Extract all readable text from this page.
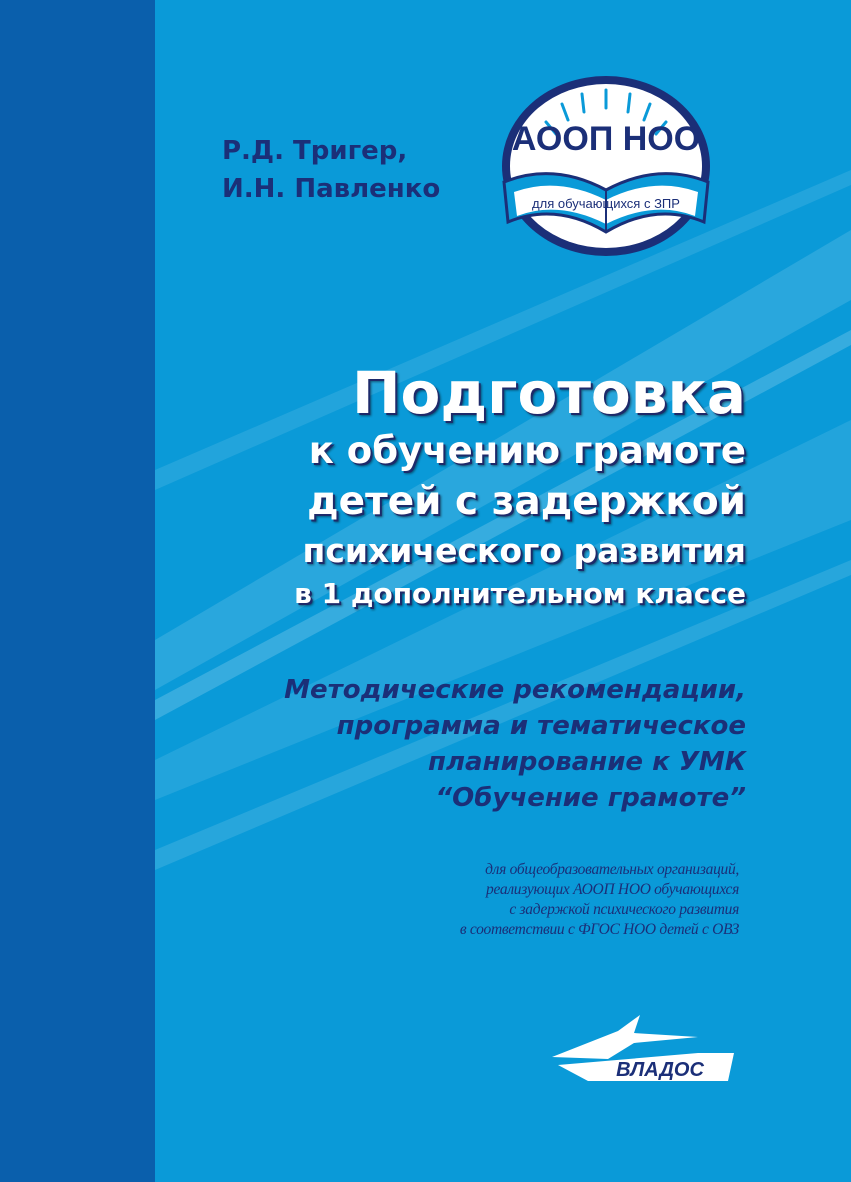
Р.Д. Тригер,
И.Н. Павленко
АООП НОО
для обучающихся с ЗПР
Подготовка
к обучению грамоте
детей с задержкой
психического развития
в 1 дополнительном классе
Методические рекомендации,
программа и тематическое
планирование к УМК
“Обучение грамоте”
для общеобразовательных организаций,
реализующих АООП НОО обучающихся
с задержкой психического развития
в соответствии с ФГОС НОО детей с ОВЗ
ВЛАДОС
